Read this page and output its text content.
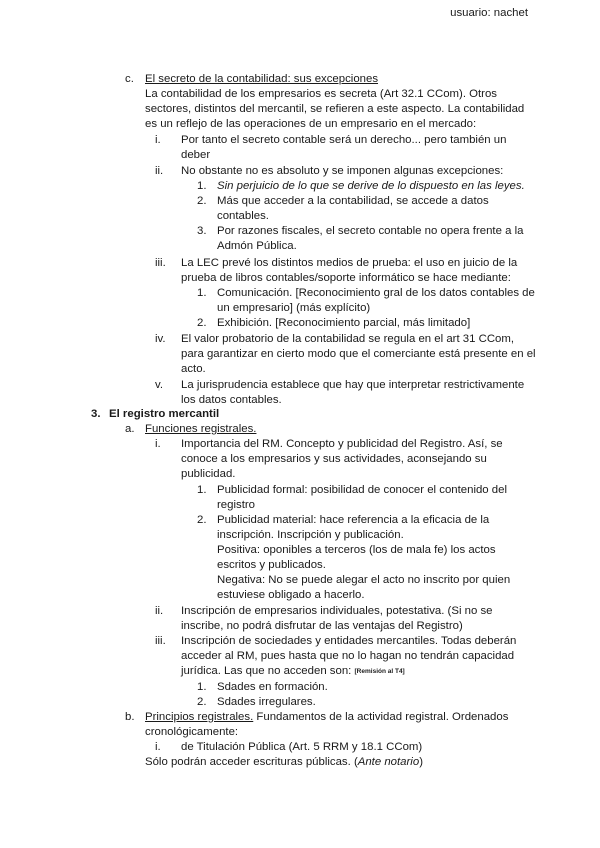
usuario: nachet
c. El secreto de la contabilidad: sus excepciones
La contabilidad de los empresarios es secreta (Art 32.1 CCom). Otros
sectores, distintos del mercantil, se refieren a este aspecto. La contabilidad
es un reflejo de las operaciones de un empresario en el mercado:
i. Por tanto el secreto contable será un derecho... pero también un
deber
ii. No obstante no es absoluto y se imponen algunas excepciones:
1. Sin perjuicio de lo que se derive de lo dispuesto en las leyes.
2. Más que acceder a la contabilidad, se accede a datos
contables.
3. Por razones fiscales, el secreto contable no opera frente a la
Admón Pública.
iii. La LEC prevé los distintos medios de prueba: el uso en juicio de la
prueba de libros contables/soporte informático se hace mediante:
1. Comunicación. [Reconocimiento gral de los datos contables de
un empresario] (más explícito)
2. Exhibición. [Reconocimiento parcial, más limitado]
iv. El valor probatorio de la contabilidad se regula en el art 31 CCom,
para garantizar en cierto modo que el comerciante está presente en el
acto.
v. La jurisprudencia establece que hay que interpretar restrictivamente
los datos contables.
3. El registro mercantil
a. Funciones registrales.
i. Importancia del RM. Concepto y publicidad del Registro. Así, se
conoce a los empresarios y sus actividades, aconsejando su
publicidad.
1. Publicidad formal: posibilidad de conocer el contenido del
registro
2. Publicidad material: hace referencia a la eficacia de la
inscripción. Inscripción y publicación.
Positiva: oponibles a terceros (los de mala fe) los actos
escritos y publicados.
Negativa: No se puede alegar el acto no inscrito por quien
estuviese obligado a hacerlo.
ii. Inscripción de empresarios individuales, potestativa. (Si no se
inscribe, no podrá disfrutar de las ventajas del Registro)
iii. Inscripción de sociedades y entidades mercantiles. Todas deberán
acceder al RM, pues hasta que no lo hagan no tendrán capacidad
jurídica. Las que no acceden son: [Remisión al T4]
1. Sdades en formación.
2. Sdades irregulares.
b. Principios registrales. Fundamentos de la actividad registral. Ordenados
cronológicamente:
i. de Titulación Pública (Art. 5 RRM y 18.1 CCom)
Sólo podrán acceder escrituras públicas. (Ante notario)
